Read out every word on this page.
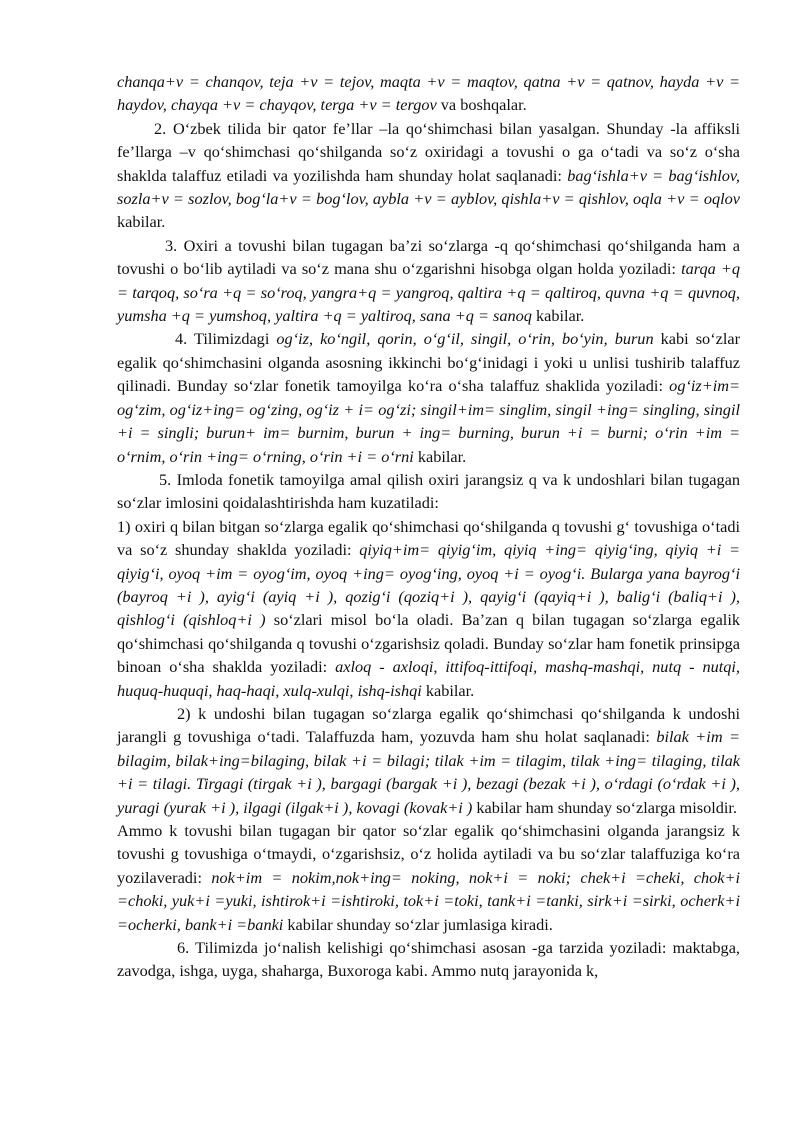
chanqa+v = chanqov, teja +v = tejov, maqta +v = maqtov, qatna +v = qatnov, hayda +v = haydov, chayqa +v = chayqov, terga +v = tergov va boshqalar.

2. O‘zbek tilida bir qator fe’llar –la qo‘shimchasi bilan yasalgan. Shunday -la affiksli fe’llarga –v qo‘shimchasi qo‘shilganda so‘z oxiridagi a tovushi o ga o‘tadi va so‘z o‘sha shaklda talaffuz etiladi va yozilishda ham shunday holat saqlanadi: bag‘ishla+v = bag‘ishlov, sozla+v = sozlov, bog‘la+v = bog‘lov, aybla +v = ayblov, qishla+v = qishlov, oqla +v = oqlov kabilar.

3. Oxiri a tovushi bilan tugagan ba’zi so‘zlarga -q qo‘shimchasi qo‘shilganda ham a tovushi o bo‘lib aytiladi va so‘z mana shu o‘zgarishni hisobga olgan holda yoziladi: tarqa +q = tarqoq, so‘ra +q = so‘roq, yangra+q = yangroq, qaltira +q = qaltiroq, quvna +q = quvnoq, yumsha +q = yumshoq, yaltira +q = yaltiroq, sana +q = sanoq kabilar.

4. Tilimizdagi og‘iz, ko‘ngil, qorin, o‘g‘il, singil, o‘rin, bo‘yin, burun kabi so‘zlar egalik qo‘shimchasini olganda asosning ikkinchi bo‘g‘inidagi i yoki u unlisi tushirib talaffuz qilinadi. Bunday so‘zlar fonetik tamoyilga ko‘ra o‘sha talaffuz shaklida yoziladi: og‘iz+im= og‘zim, og‘iz+ing= og‘zing, og‘iz + i= og‘zi; singil+im= singlim, singil +ing= singling, singil +i = singli; burun+ im= burnim, burun + ing= burning, burun +i = burni; o‘rin +im = o‘rnim, o‘rin +ing= o‘rning, o‘rin +i = o‘rni kabilar.

5. Imloda fonetik tamoyilga amal qilish oxiri jarangsiz q va k undoshlari bilan tugagan so‘zlar imlosini qoidalashtirishda ham kuzatiladi:

1) oxiri q bilan bitgan so‘zlarga egalik qo‘shimchasi qo‘shilganda q tovushi g‘ tovushiga o‘tadi va so‘z shunday shaklda yoziladi: qiyiq+im= qiyig‘im, qiyiq +ing= qiyig‘ing, qiyiq +i = qiyig‘i, oyoq +im = oyog‘im, oyoq +ing= oyog‘ing, oyoq +i = oyog‘i. Bularga yana bayrog‘i (bayroq +i ), ayig‘i (ayiq +i ), qozig‘i (qoziq+i ), qayig‘i (qayiq+i ), balig‘i (baliq+i ), qishlog‘i (qishloq+i ) so‘zlari misol bo‘la oladi. Ba’zan q bilan tugagan so‘zlarga egalik qo‘shimchasi qo‘shilganda q tovushi o‘zgarishsiz qoladi. Bunday so‘zlar ham fonetik prinsipga binoan o‘sha shaklda yoziladi: axloq - axloqi, ittifoq-ittifoqi, mashq-mashqi, nutq - nutqi, huquq-huquqi, haq-haqi, xulq-xulqi, ishq-ishqi kabilar.

2) k undoshi bilan tugagan so‘zlarga egalik qo‘shimchasi qo‘shilganda k undoshi jarangli g tovushiga o‘tadi. Talaffuzda ham, yozuvda ham shu holat saqlanadi: bilak +im = bilagim, bilak+ing=bilaging, bilak +i = bilagi; tilak +im = tilagim, tilak +ing= tilaging, tilak +i = tilagi. Tirgagi (tirgak +i ), bargagi (bargak +i ), bezagi (bezak +i ), o‘rdagi (o‘rdak +i ), yuragi (yurak +i ), ilgagi (ilgak+i ), kovagi (kovak+i ) kabilar ham shunday so‘zlarga misoldir.

Ammo k tovushi bilan tugagan bir qator so‘zlar egalik qo‘shimchasini olganda jarangsiz k tovushi g tovushiga o‘tmaydi, o‘zgarishsiz, o‘z holida aytiladi va bu so‘zlar talaffuziga ko‘ra yozilaveradi: nok+im = nokim,nok+ing= noking, nok+i = noki; chek+i =cheki, chok+i =choki, yuk+i =yuki, ishtirok+i =ishtiroki, tok+i =toki, tank+i =tanki, sirk+i =sirki, ocherk+i =ocherki, bank+i =banki kabilar shunday so‘zlar jumlasiga kiradi.

6. Tilimizda jo‘nalish kelishigi qo‘shimchasi asosan -ga tarzida yoziladi: maktabga, zavodga, ishga, uyga, shaharga, Buxoroga kabi. Ammo nutq jarayonida k,
